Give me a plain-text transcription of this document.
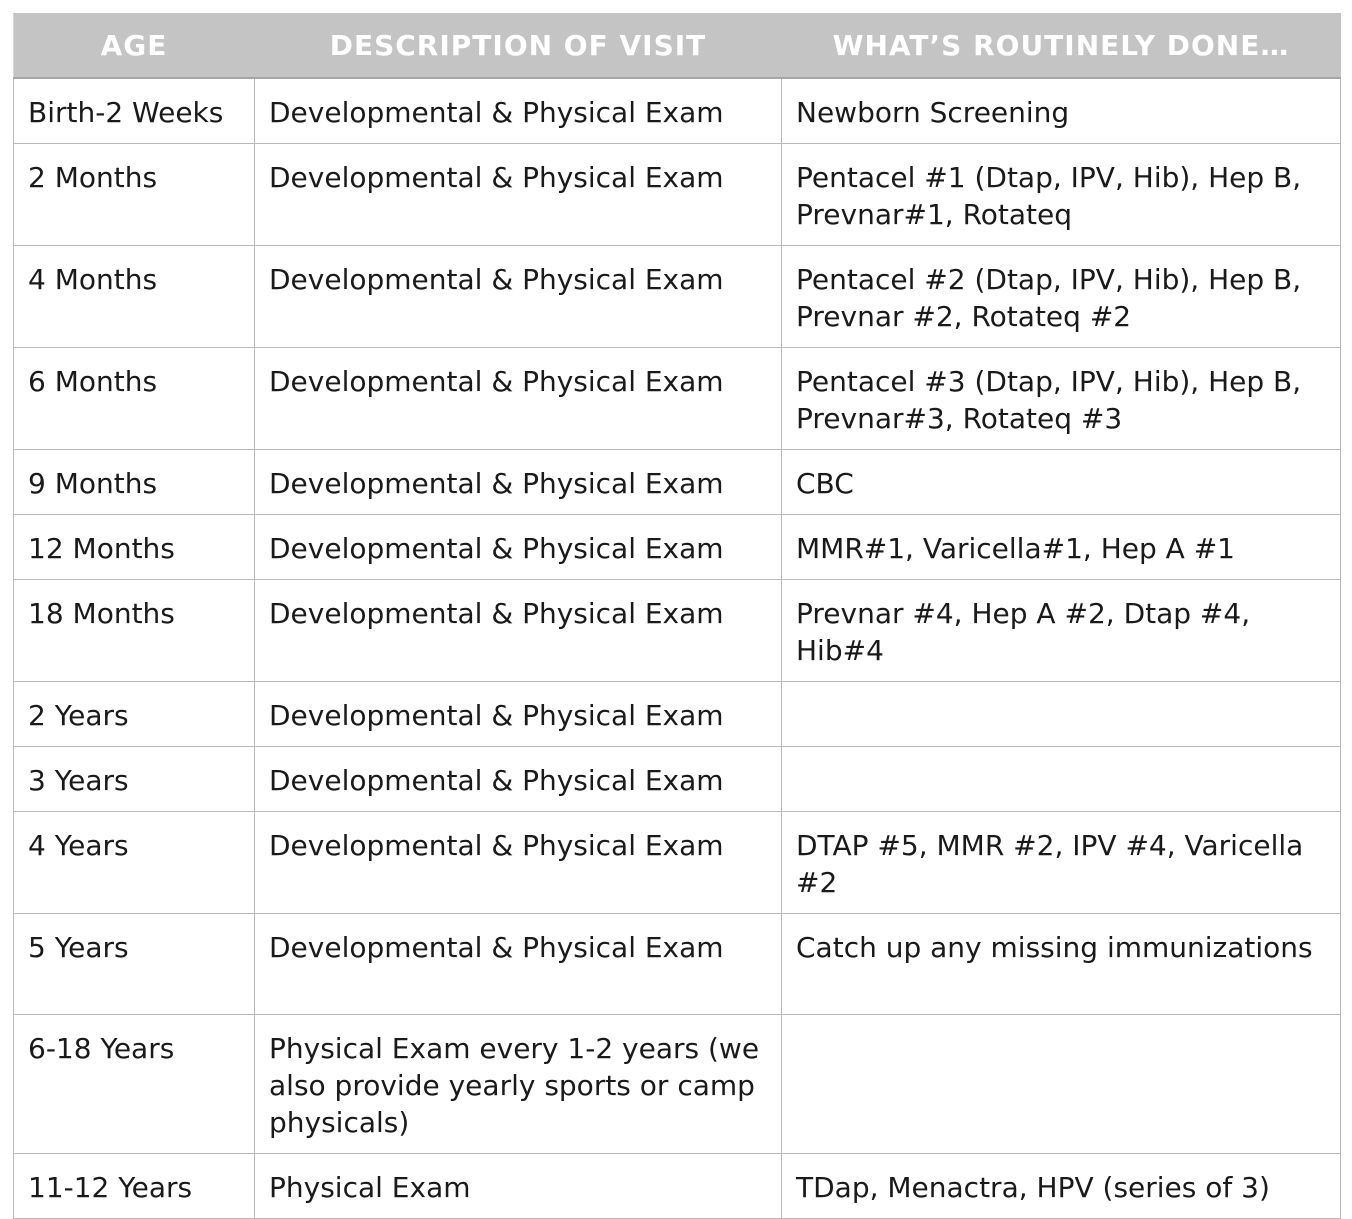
AGE	DESCRIPTION OF VISIT	WHAT’S ROUTINELY DONE…
Birth-2 Weeks	Developmental & Physical Exam	Newborn Screening
2 Months	Developmental & Physical Exam	Pentacel #1 (Dtap, IPV, Hib), Hep B, Prevnar#1, Rotateq
4 Months	Developmental & Physical Exam	Pentacel #2 (Dtap, IPV, Hib), Hep B, Prevnar #2, Rotateq #2
6 Months	Developmental & Physical Exam	Pentacel #3 (Dtap, IPV, Hib), Hep B, Prevnar#3, Rotateq #3
9 Months	Developmental & Physical Exam	CBC
12 Months	Developmental & Physical Exam	MMR#1, Varicella#1, Hep A #1
18 Months	Developmental & Physical Exam	Prevnar #4, Hep A #2, Dtap #4, Hib#4
2 Years	Developmental & Physical Exam	
3 Years	Developmental & Physical Exam	
4 Years	Developmental & Physical Exam	DTAP #5, MMR #2, IPV #4, Varicella #2
5 Years	Developmental & Physical Exam	Catch up any missing immunizations
6-18 Years	Physical Exam every 1-2 years (we also provide yearly sports or camp physicals)	
11-12 Years	Physical Exam	TDap, Menactra, HPV (series of 3)
